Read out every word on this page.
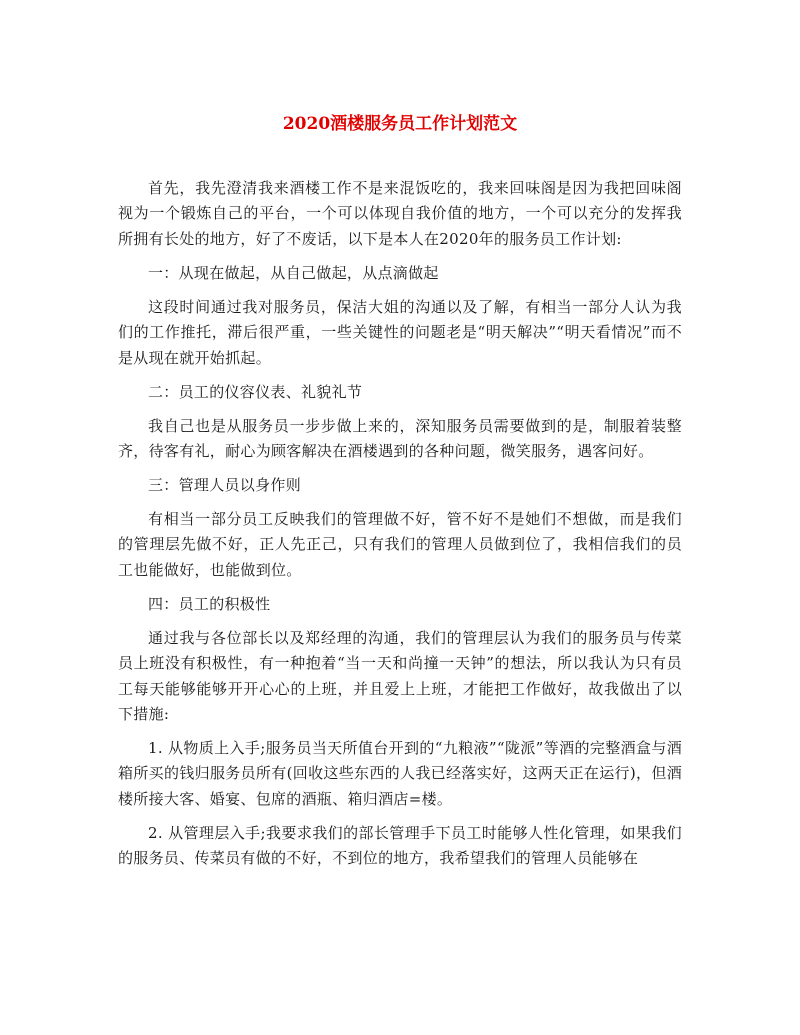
2020酒楼服务员工作计划范文

首先，我先澄清我来酒楼工作不是来混饭吃的，我来回味阁是因为我把回味阁视为一个锻炼自己的平台，一个可以体现自我价值的地方，一个可以充分的发挥我所拥有长处的地方，好了不废话，以下是本人在2020年的服务员工作计划:

一：从现在做起，从自己做起，从点滴做起

这段时间通过我对服务员，保洁大姐的沟通以及了解，有相当一部分人认为我们的工作推托，滞后很严重，一些关键性的问题老是“明天解决”“明天看情况”而不是从现在就开始抓起。

二：员工的仪容仪表、礼貌礼节

我自己也是从服务员一步步做上来的，深知服务员需要做到的是，制服着装整齐，待客有礼，耐心为顾客解决在酒楼遇到的各种问题，微笑服务，遇客问好。

三：管理人员以身作则

有相当一部分员工反映我们的管理做不好，管不好不是她们不想做，而是我们的管理层先做不好，正人先正己，只有我们的管理人员做到位了，我相信我们的员工也能做好，也能做到位。

四：员工的积极性

通过我与各位部长以及郑经理的沟通，我们的管理层认为我们的服务员与传菜员上班没有积极性，有一种抱着“当一天和尚撞一天钟”的想法，所以我认为只有员工每天能够能够开开心心的上班，并且爱上上班，才能把工作做好，故我做出了以下措施:

1. 从物质上入手;服务员当天所值台开到的“九粮液”“陇派”等酒的完整酒盒与酒箱所买的钱归服务员所有(回收这些东西的人我已经落实好，这两天正在运行)，但酒楼所接大客、婚宴、包席的酒瓶、箱归酒店=楼。

2. 从管理层入手;我要求我们的部长管理手下员工时能够人性化管理，如果我们的服务员、传菜员有做的不好，不到位的地方，我希望我们的管理人员能够在
